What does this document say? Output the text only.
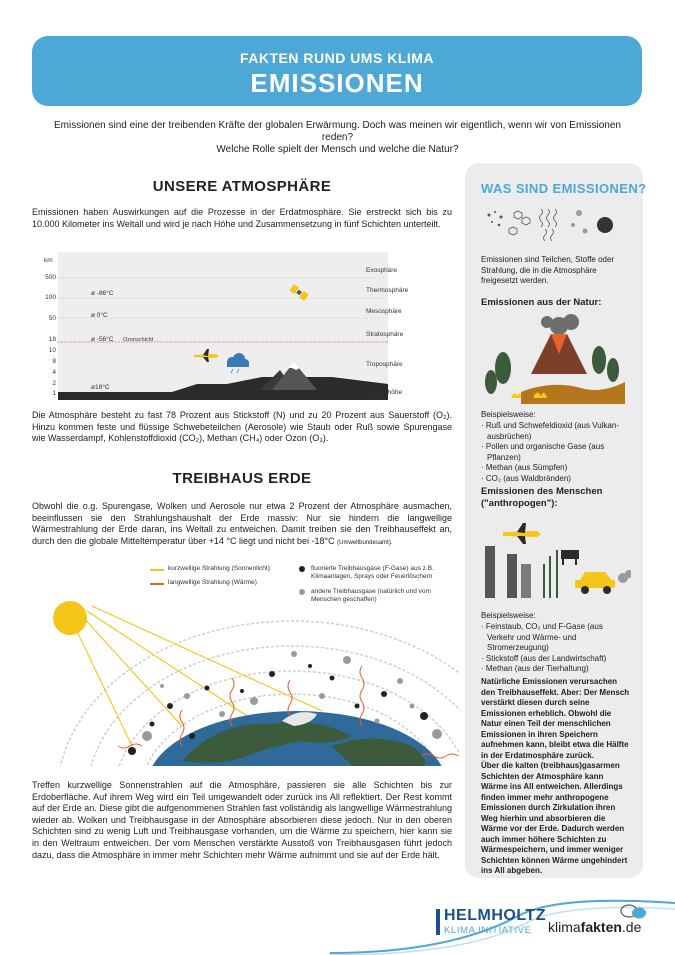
FAKTEN RUND UMS KLIMA
EMISSIONEN
Emissionen sind eine der treibenden Kräfte der globalen Erwärmung. Doch was meinen wir eigentlich, wenn wir von Emissionen reden?
Welche Rolle spielt der Mensch und welche die Natur?
UNSERE ATMOSPHÄRE
Emissionen haben Auswirkungen auf die Prozesse in der Erdatmosphäre. Sie erstreckt sich bis zu 10.000 Kilometer ins Weltall und wird je nach Höhe und Zusammensetzung in fünf Schichten unterteilt.
km
500
100
50
18
10
8
4
2
1
ø -86°C
ø 0°C
ø -56°C Ozonschicht
ø18°C
Exosphäre
Thermosphäre
Mesosphäre
Stratosphäre
Troposphäre
Meereshöhe
Die Atmosphäre besteht zu fast 78 Prozent aus Stickstoff (N) und zu 20 Prozent aus Sauerstoff (O₂). Hinzu kommen feste und flüssige Schwebeteilchen (Aerosole) wie Staub oder Ruß sowie Spurengase wie Wasserdampf, Kohlenstoffdioxid (CO₂), Methan (CH₄) oder Ozon (O₃).
TREIBHAUS ERDE
Obwohl die o.g. Spurengase, Wolken und Aerosole nur etwa 2 Prozent der Atmosphäre ausmachen, beeinflussen sie den Strahlungshaushalt der Erde massiv: Nur sie hindern die langwellige Wärmestrahlung der Erde daran, ins Weltall zu entweichen. Damit treiben sie den Treibhauseffekt an, durch den die globale Mitteltemperatur über +14 °C liegt und nicht bei -18°C (Umweltbundesamt).
kurzwellige Strahlung (Sonnenlicht)
langwellige Strahlung (Wärme)
fluorierte Treibhausgase (F-Gase) aus z.B. Klimaanlagen, Sprays oder Feuerlöschern
andere Treibhausgase (natürlich und vom Menschen geschaffen)
Treffen kurzwellige Sonnenstrahlen auf die Atmosphäre, passieren sie alle Schichten bis zur Erdoberfläche. Auf ihrem Weg wird ein Teil umgewandelt oder zurück ins All reflektiert. Der Rest kommt auf der Erde an. Diese gibt die aufgenommenen Strahlen fast vollständig als langwellige Wärmestrahlung wieder ab. Wolken und Treibhausgase in der Atmosphäre absorbieren diese jedoch. Nur in den oberen Schichten sind zu wenig Luft und Treibhausgase vorhanden, um die Wärme zu speichern, hier kann sie in den Weltraum entweichen. Der vom Menschen verstärkte Ausstoß von Treibhausgasen führt jedoch dazu, dass die Atmosphäre in immer mehr Schichten mehr Wärme aufnimmt und sie auf der Erde hält.
WAS SIND EMISSIONEN?
Emissionen sind Teilchen, Stoffe oder Strahlung, die in die Atmosphäre freigesetzt werden.
Emissionen aus der Natur:
Beispielsweise:
· Ruß und Schwefeldioxid (aus Vulkan-ausbrüchen)
· Pollen und organische Gase (aus Pflanzen)
· Methan (aus Sümpfen)
· CO₂ (aus Waldbränden)
Emissionen des Menschen ("anthropogen"):
Beispielsweise:
· Feinstaub, CO₂ und F-Gase (aus Verkehr und Wärme- und Stromerzeugung)
· Stickstoff (aus der Landwirtschaft)
· Methan (aus der Tierhaltung)
Natürliche Emissionen verursachen den Treibhauseffekt. Aber: Der Mensch verstärkt diesen durch seine Emissionen erheblich. Obwohl die Natur einen Teil der menschlichen Emissionen in ihren Speichern aufnehmen kann, bleibt etwa die Hälfte in der Erdatmosphäre zurück.
Über die kalten (treibhaus)gasarmen Schichten der Atmosphäre kann Wärme ins All entweichen. Allerdings finden immer mehr anthropogene Emissionen durch Zirkulation ihren Weg hierhin und absorbieren die Wärme vor der Erde. Dadurch werden auch immer höhere Schichten zu Wärmespeichern, und immer weniger Schichten können Wärme ungehindert ins All abgeben.
HELMHOLTZ
KLIMA INITIATIVE klimafakten.de
